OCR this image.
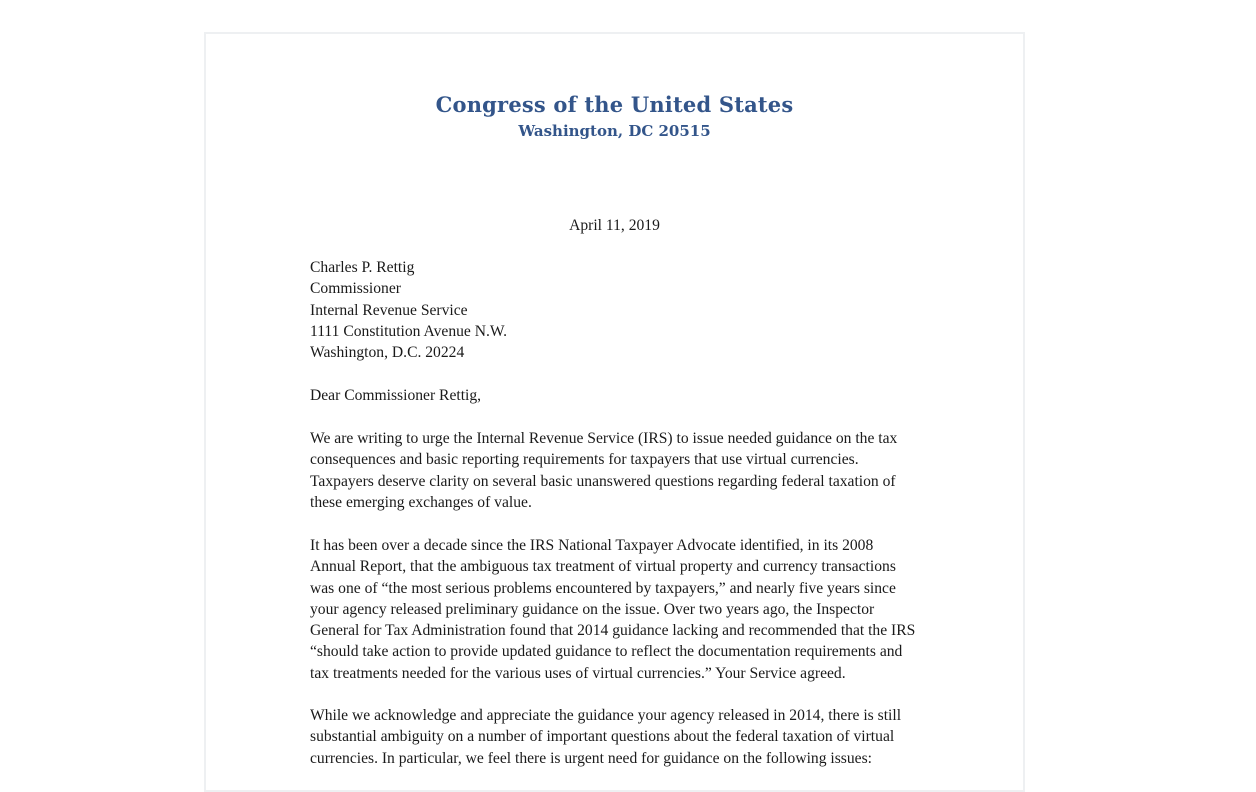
Congress of the United States
Washington, DC 20515
April 11, 2019
Charles P. Rettig
Commissioner
Internal Revenue Service
1111 Constitution Avenue N.W.
Washington, D.C. 20224
Dear Commissioner Rettig,
We are writing to urge the Internal Revenue Service (IRS) to issue needed guidance on the tax
consequences and basic reporting requirements for taxpayers that use virtual currencies.
Taxpayers deserve clarity on several basic unanswered questions regarding federal taxation of
these emerging exchanges of value.
It has been over a decade since the IRS National Taxpayer Advocate identified, in its 2008
Annual Report, that the ambiguous tax treatment of virtual property and currency transactions
was one of “the most serious problems encountered by taxpayers,” and nearly five years since
your agency released preliminary guidance on the issue. Over two years ago, the Inspector
General for Tax Administration found that 2014 guidance lacking and recommended that the IRS
“should take action to provide updated guidance to reflect the documentation requirements and
tax treatments needed for the various uses of virtual currencies.” Your Service agreed.
While we acknowledge and appreciate the guidance your agency released in 2014, there is still
substantial ambiguity on a number of important questions about the federal taxation of virtual
currencies. In particular, we feel there is urgent need for guidance on the following issues:
